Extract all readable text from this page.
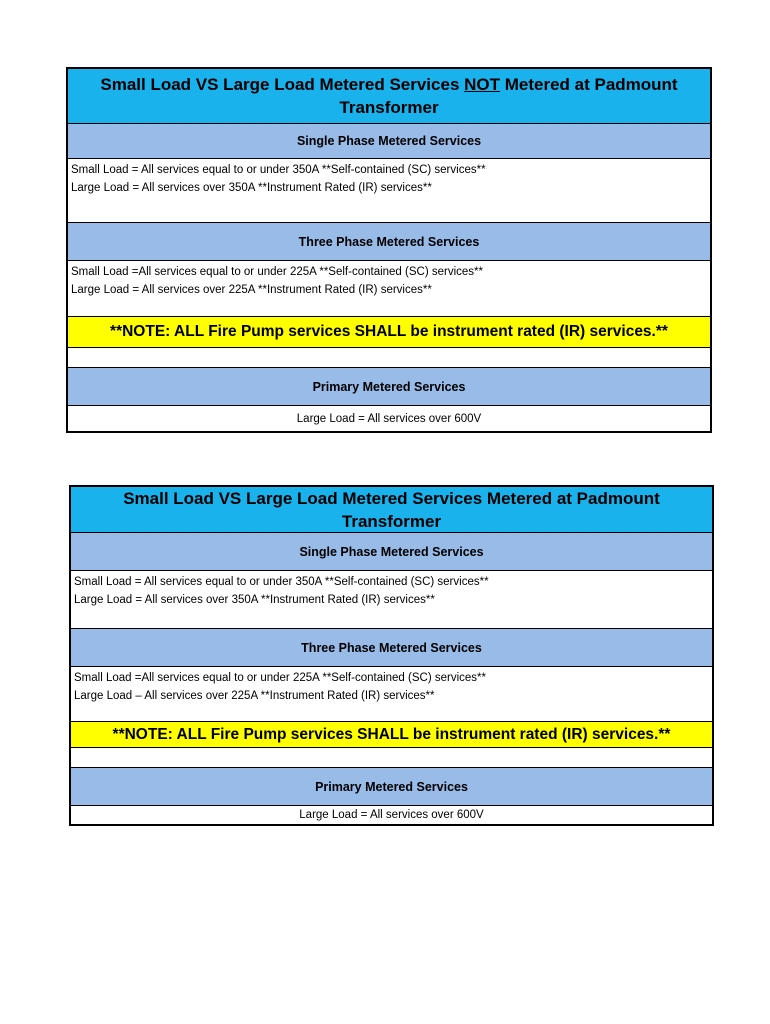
Small Load VS Large Load Metered Services NOT Metered at Padmount Transformer
Single Phase Metered Services
Small Load = All services equal to or under 350A **Self-contained (SC) services**
Large Load = All services over 350A **Instrument Rated (IR) services**
Three Phase Metered Services
Small Load =All services equal to or under 225A **Self-contained (SC) services**
Large Load = All services over 225A **Instrument Rated (IR) services**
**NOTE: ALL Fire Pump services SHALL be instrument rated (IR) services.**
Primary Metered Services
Large Load = All services over 600V
Small Load VS Large Load Metered Services Metered at Padmount Transformer
Single Phase Metered Services
Small Load = All services equal to or under 350A **Self-contained (SC) services**
Large Load = All services over 350A **Instrument Rated (IR) services**
Three Phase Metered Services
Small Load =All services equal to or under 225A **Self-contained (SC) services**
Large Load – All services over 225A **Instrument Rated (IR) services**
**NOTE: ALL Fire Pump services SHALL be instrument rated (IR) services.**
Primary Metered Services
Large Load = All services over 600V
